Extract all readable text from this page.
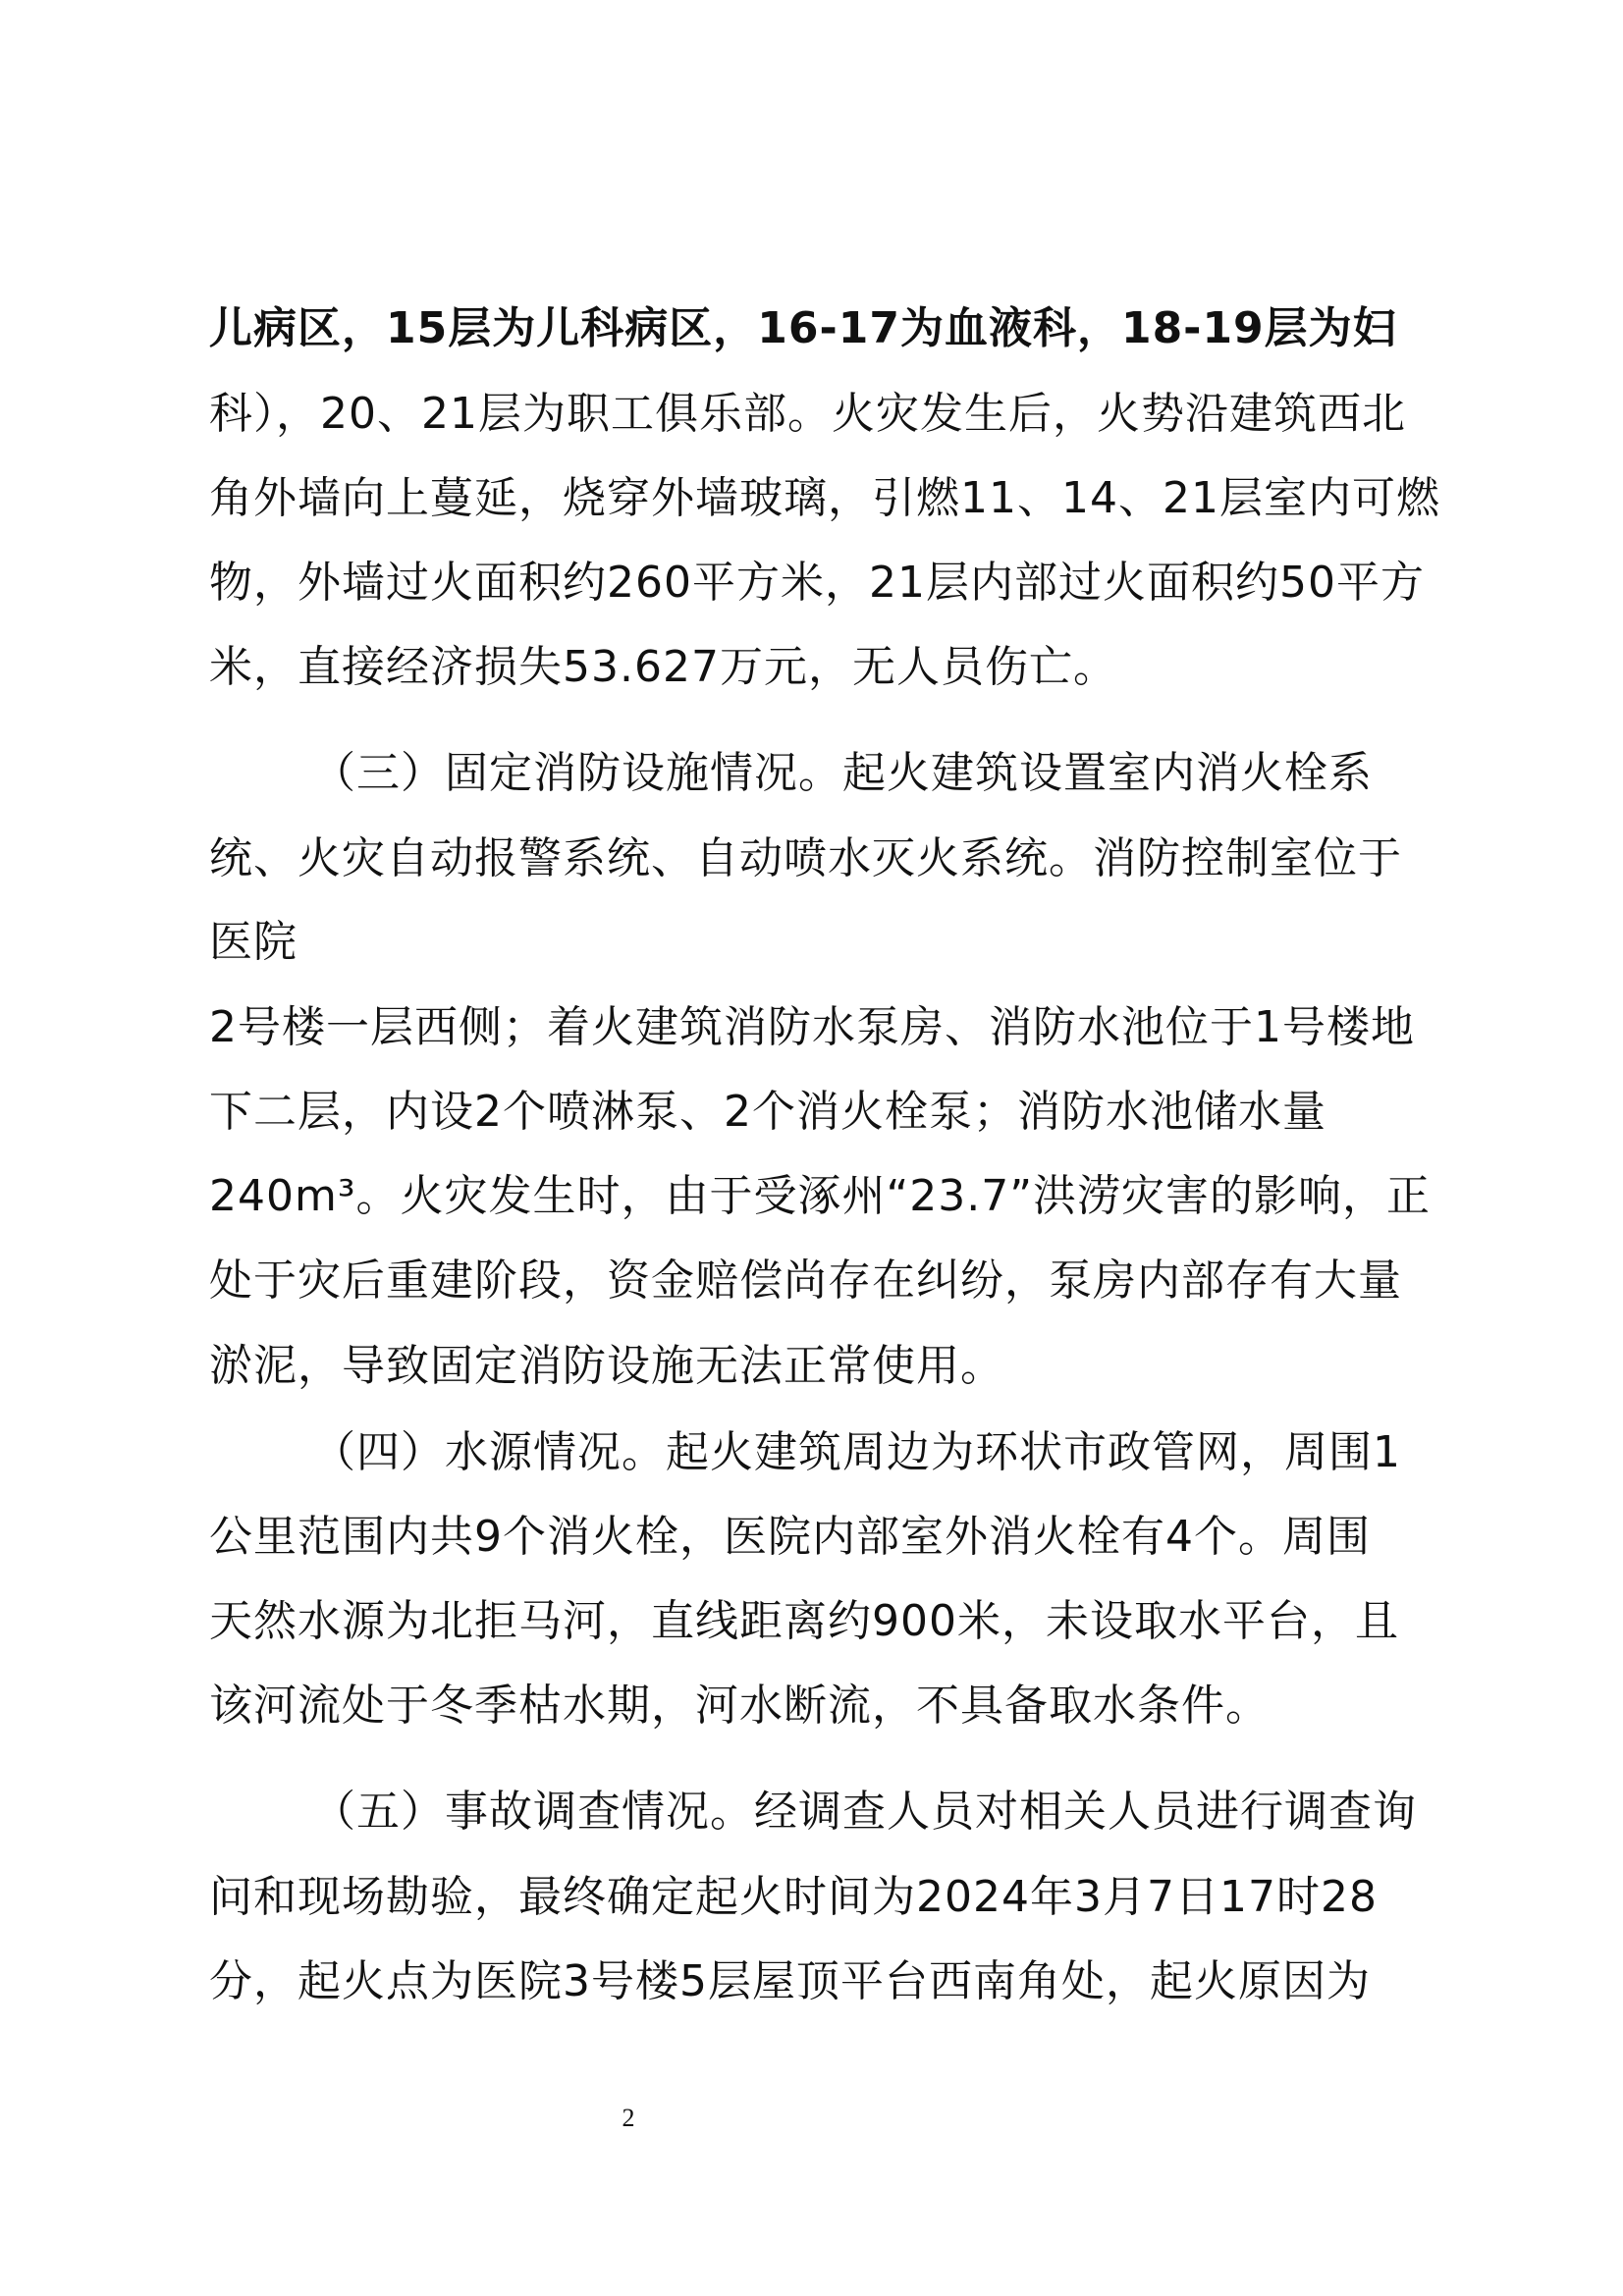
儿病区，15层为儿科病区，16-17为血液科，18-19层为妇
科），20、21层为职工俱乐部。火灾发生后，火势沿建筑西北
角外墙向上蔓延，烧穿外墙玻璃，引燃11、14、21层室内可燃
物，外墙过火面积约260平方米，21层内部过火面积约50平方
米，直接经济损失53.627万元，无人员伤亡。
（三）固定消防设施情况。起火建筑设置室内消火栓系
统、火灾自动报警系统、自动喷水灭火系统。消防控制室位于
医院
2号楼一层西侧；着火建筑消防水泵房、消防水池位于1号楼地
下二层，内设2个喷淋泵、2个消火栓泵；消防水池储水量
240m³。火灾发生时，由于受涿州“23.7”洪涝灾害的影响，正
处于灾后重建阶段，资金赔偿尚存在纠纷，泵房内部存有大量
淤泥，导致固定消防设施无法正常使用。
（四）水源情况。起火建筑周边为环状市政管网，周围1
公里范围内共9个消火栓，医院内部室外消火栓有4个。周围
天然水源为北拒马河，直线距离约900米，未设取水平台，且
该河流处于冬季枯水期，河水断流，不具备取水条件。
（五）事故调查情况。经调查人员对相关人员进行调查询
问和现场勘验，最终确定起火时间为2024年3月7日17时28
分，起火点为医院3号楼5层屋顶平台西南角处，起火原因为
2
